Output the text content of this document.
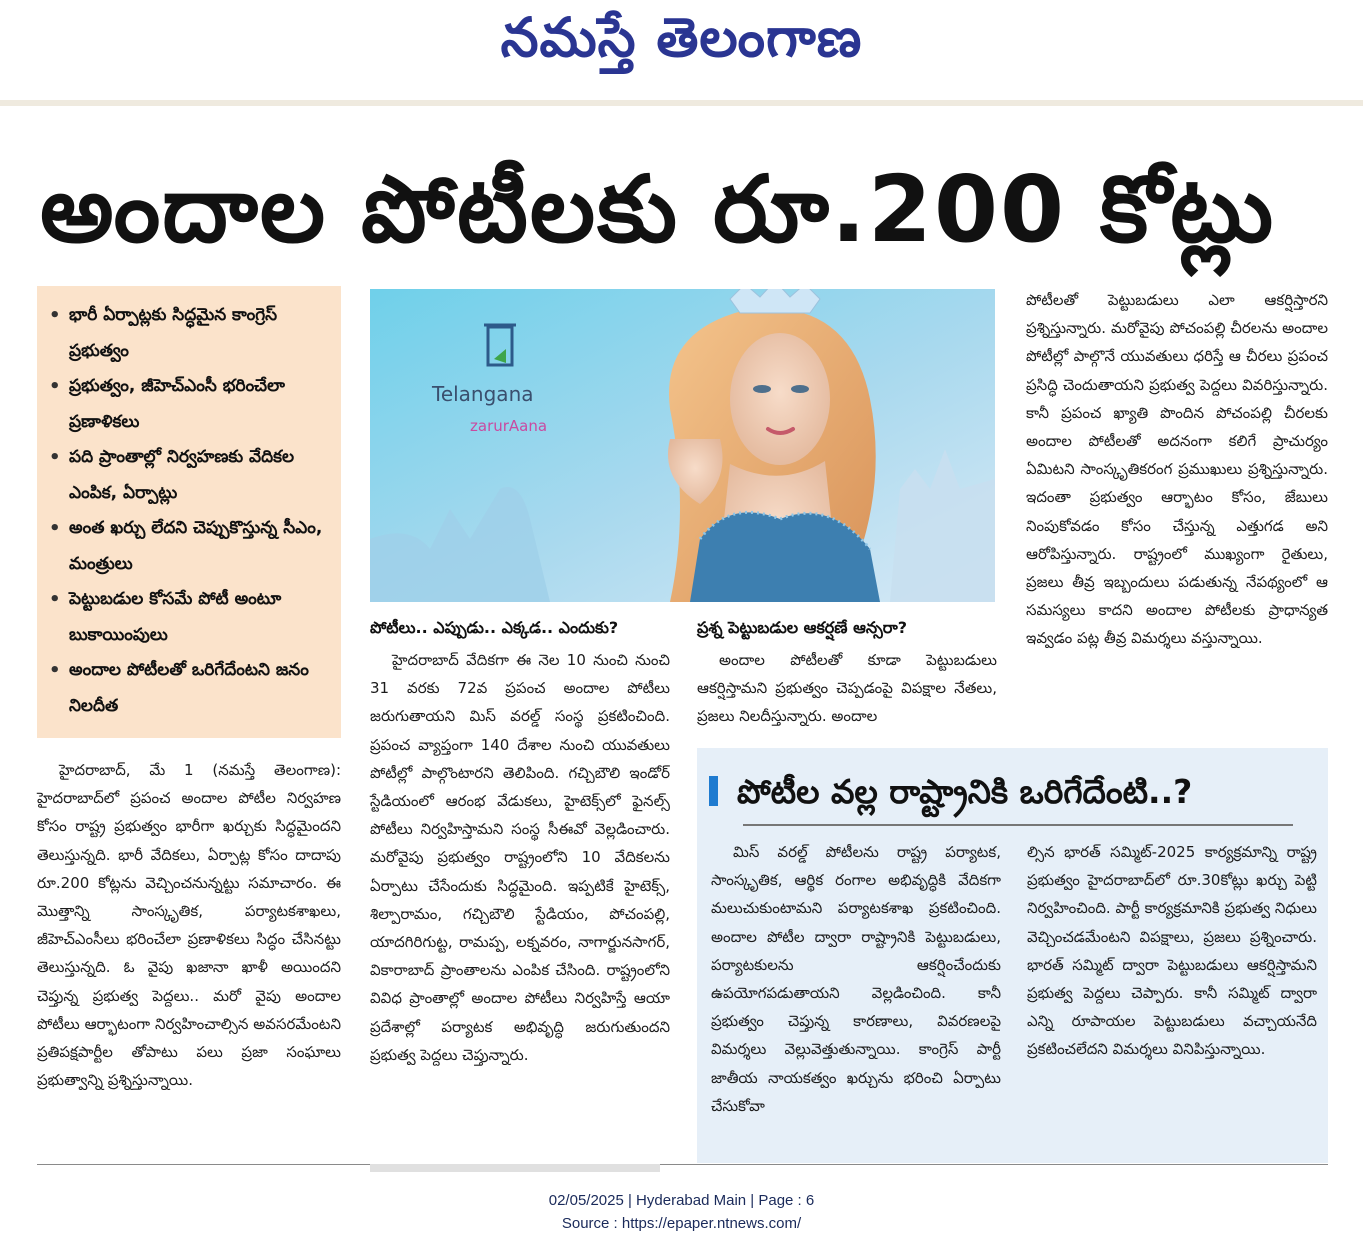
నమస్తే తెలంగాణ
అందాల పోటీలకు రూ.200 కోట్లు
• భారీ ఏర్పాట్లకు సిద్ధమైన కాంగ్రెస్ ప్రభుత్వం
• ప్రభుత్వం, జీహెచ్ఎంసీ భరించేలా ప్రణాళికలు
• పది ప్రాంతాల్లో నిర్వహణకు వేదికల ఎంపిక, ఏర్పాట్లు
• అంత ఖర్చు లేదని చెప్పుకొస్తున్న సీఎం, మంత్రులు
• పెట్టుబడుల కోసమే పోటీ అంటూ బుకాయింపులు
• అందాల పోటీలతో ఒరిగేదేంటని జనం నిలదీత
Telangana
zarurAana

హైదరాబాద్, మే 1 (నమస్తే తెలంగాణ): హైదరాబాద్‌లో ప్రపంచ అందాల పోటీల నిర్వహణ కోసం రాష్ట్ర ప్రభుత్వం భారీగా ఖర్చుకు సిద్ధమైందని తెలుస్తున్నది. భారీ వేదికలు, ఏర్పాట్ల కోసం దాదాపు రూ.200 కోట్లను వెచ్చించనున్నట్టు సమాచారం. ఈ మొత్తాన్ని సాంస్కృతిక, పర్యాటకశాఖలు, జీహెచ్ఎంసీలు భరించేలా ప్రణాళికలు సిద్ధం చేసినట్టు తెలుస్తున్నది. ఓ వైపు ఖజానా ఖాళీ అయిందని చెప్తున్న ప్రభుత్వ పెద్దలు.. మరో వైపు అందాల పోటీలు ఆర్భాటంగా నిర్వహించాల్సిన అవసరమేంటని ప్రతిపక్షపార్టీల తోపాటు పలు ప్రజా సంఘాలు ప్రభుత్వాన్ని ప్రశ్నిస్తున్నాయి.

పోటీలు.. ఎప్పుడు.. ఎక్కడ.. ఎందుకు?

హైదరాబాద్ వేదికగా ఈ నెల 10 నుంచి నుంచి 31 వరకు 72వ ప్రపంచ అందాల పోటీలు జరుగుతాయని మిస్ వరల్డ్ సంస్థ ప్రకటించింది. ప్రపంచ వ్యాప్తంగా 140 దేశాల నుంచి యువతులు పోటీల్లో పాల్గొంటారని తెలిపింది. గచ్చిబౌలి ఇండోర్ స్టేడియంలో ఆరంభ వేడుకలు, హైటెక్స్‌లో ఫైనల్స్ పోటీలు నిర్వహిస్తామని సంస్థ సీఈవో వెల్లడించారు. మరోవైపు ప్రభుత్వం రాష్ట్రంలోని 10 వేదికలను ఏర్పాటు చేసేందుకు సిద్ధమైంది. ఇప్పటికే హైటెక్స్, శిల్పారామం, గచ్చిబౌలి స్టేడియం, పోచంపల్లి, యాదగిరిగుట్ట, రామప్ప, లక్నవరం, నాగార్జునసాగర్, వికారాబాద్ ప్రాంతాలను ఎంపిక చేసింది. రాష్ట్రంలోని వివిధ ప్రాంతాల్లో అందాల పోటీలు నిర్వహిస్తే ఆయా ప్రదేశాల్లో పర్యాటక అభివృద్ధి జరుగుతుందని ప్రభుత్వ పెద్దలు చెప్తున్నారు.

ప్రశ్న పెట్టుబడుల ఆకర్షణే ఆన్సరా?

అందాల పోటీలతో కూడా పెట్టుబడులు ఆకర్షిస్తామని ప్రభుత్వం చెప్పడంపై విపక్షాల నేతలు, ప్రజలు నిలదీస్తున్నారు. అందాల

పోటీలతో పెట్టుబడులు ఎలా ఆకర్షిస్తారని ప్రశ్నిస్తున్నారు. మరోవైపు పోచంపల్లి చీరలను అందాల పోటీల్లో పాల్గొనే యువతులు ధరిస్తే ఆ చీరలు ప్రపంచ ప్రసిద్ధి చెందుతాయని ప్రభుత్వ పెద్దలు వివరిస్తున్నారు. కానీ ప్రపంచ ఖ్యాతి పొందిన పోచంపల్లి చీరలకు అందాల పోటీలతో అదనంగా కలిగే ప్రాచుర్యం ఏమిటని సాంస్కృతికరంగ ప్రముఖులు ప్రశ్నిస్తున్నారు. ఇదంతా ప్రభుత్వం ఆర్భాటం కోసం, జేబులు నింపుకోవడం కోసం చేస్తున్న ఎత్తుగడ అని ఆరోపిస్తున్నారు. రాష్ట్రంలో ముఖ్యంగా రైతులు, ప్రజలు తీవ్ర ఇబ్బందులు పడుతున్న నేపథ్యంలో ఆ సమస్యలు కాదని అందాల పోటీలకు ప్రాధాన్యత ఇవ్వడం పట్ల తీవ్ర విమర్శలు వస్తున్నాయి.

పోటీల వల్ల రాష్ట్రానికి ఒరిగేదేంటి..?

మిస్ వరల్డ్ పోటీలను రాష్ట్ర పర్యాటక, సాంస్కృతిక, ఆర్థిక రంగాల అభివృద్ధికి వేదికగా మలుచుకుంటామని పర్యాటకశాఖ ప్రకటించింది. అందాల పోటీల ద్వారా రాష్ట్రానికి పెట్టుబడులు, పర్యాటకులను ఆకర్షించేందుకు ఉపయోగపడుతాయని వెల్లడించింది. కానీ ప్రభుత్వం చెప్తున్న కారణాలు, వివరణలపై విమర్శలు వెల్లువెత్తుతున్నాయి. కాంగ్రెస్ పార్టీ జాతీయ నాయకత్వం ఖర్చును భరించి ఏర్పాటు చేసుకోవా

ల్సిన భారత్ సమ్మిట్-2025 కార్యక్రమాన్ని రాష్ట్ర ప్రభుత్వం హైదరాబాద్‌లో రూ.30కోట్లు ఖర్చు పెట్టి నిర్వహించింది. పార్టీ కార్యక్రమానికి ప్రభుత్వ నిధులు వెచ్చించడమేంటని విపక్షాలు, ప్రజలు ప్రశ్నించారు. భారత్ సమ్మిట్ ద్వారా పెట్టుబడులు ఆకర్షిస్తామని ప్రభుత్వ పెద్దలు చెప్పారు. కానీ సమ్మిట్ ద్వారా ఎన్ని రూపాయల పెట్టుబడులు వచ్చాయనేది ప్రకటించలేదని విమర్శలు వినిపిస్తున్నాయి.

02/05/2025 | Hyderabad Main | Page : 6
Source : https://epaper.ntnews.com/
